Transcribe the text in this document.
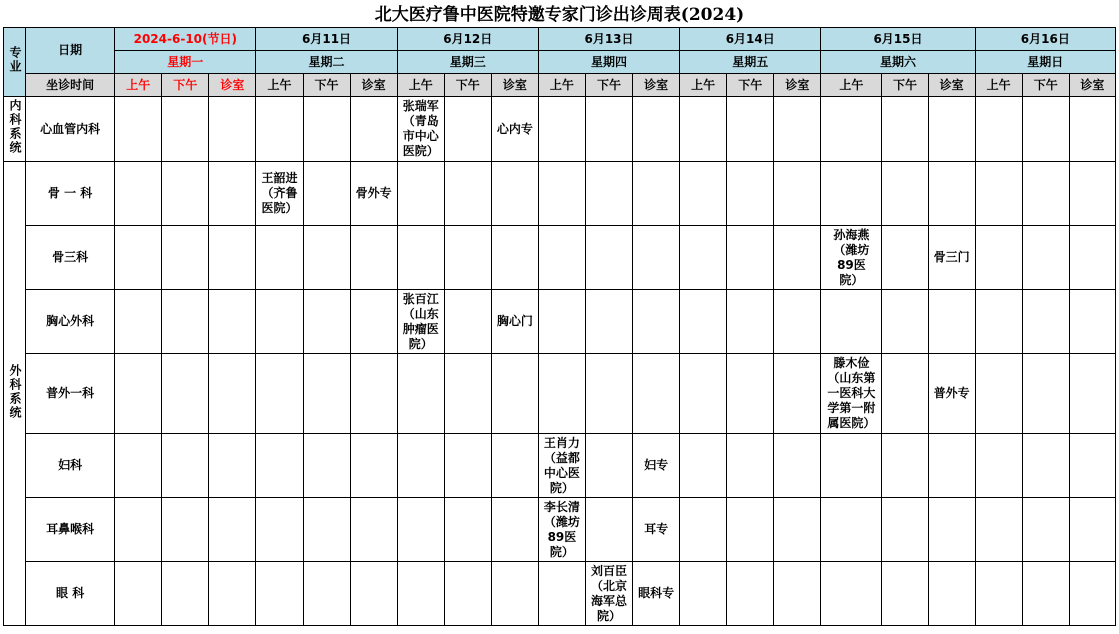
北大医疗鲁中医院特邀专家门诊出诊周表(2024)
专业	日期	2024-6-10(节日)			6月11日			6月12日			6月13日			6月14日			6月15日			6月16日		
		星期一			星期二			星期三			星期四			星期五			星期六			星期日		
	坐诊时间	上午	下午	诊室	上午	下午	诊室	上午	下午	诊室	上午	下午	诊室	上午	下午	诊室	上午	下午	诊室	上午	下午	诊室
内科系统	心血管内科							张瑞军
（青岛
市中心
医院）		心内专												
外科系统	骨 一 科				王韶进
（齐鲁
医院）		骨外专															
	骨三科																孙海燕
（潍坊
89医
院）		骨三门			
	胸心外科							张百江
（山东
肿瘤医
院）		胸心门												
	普外一科																滕木俭
（山东第
一医科大
学第一附
属医院）		普外专			
	妇科										王肖力
（益都
中心医
院）		妇专									
	耳鼻喉科										李长清
（潍坊
89医
院）		耳专									
	眼 科											刘百臣
（北京
海军总
院）	眼科专									
